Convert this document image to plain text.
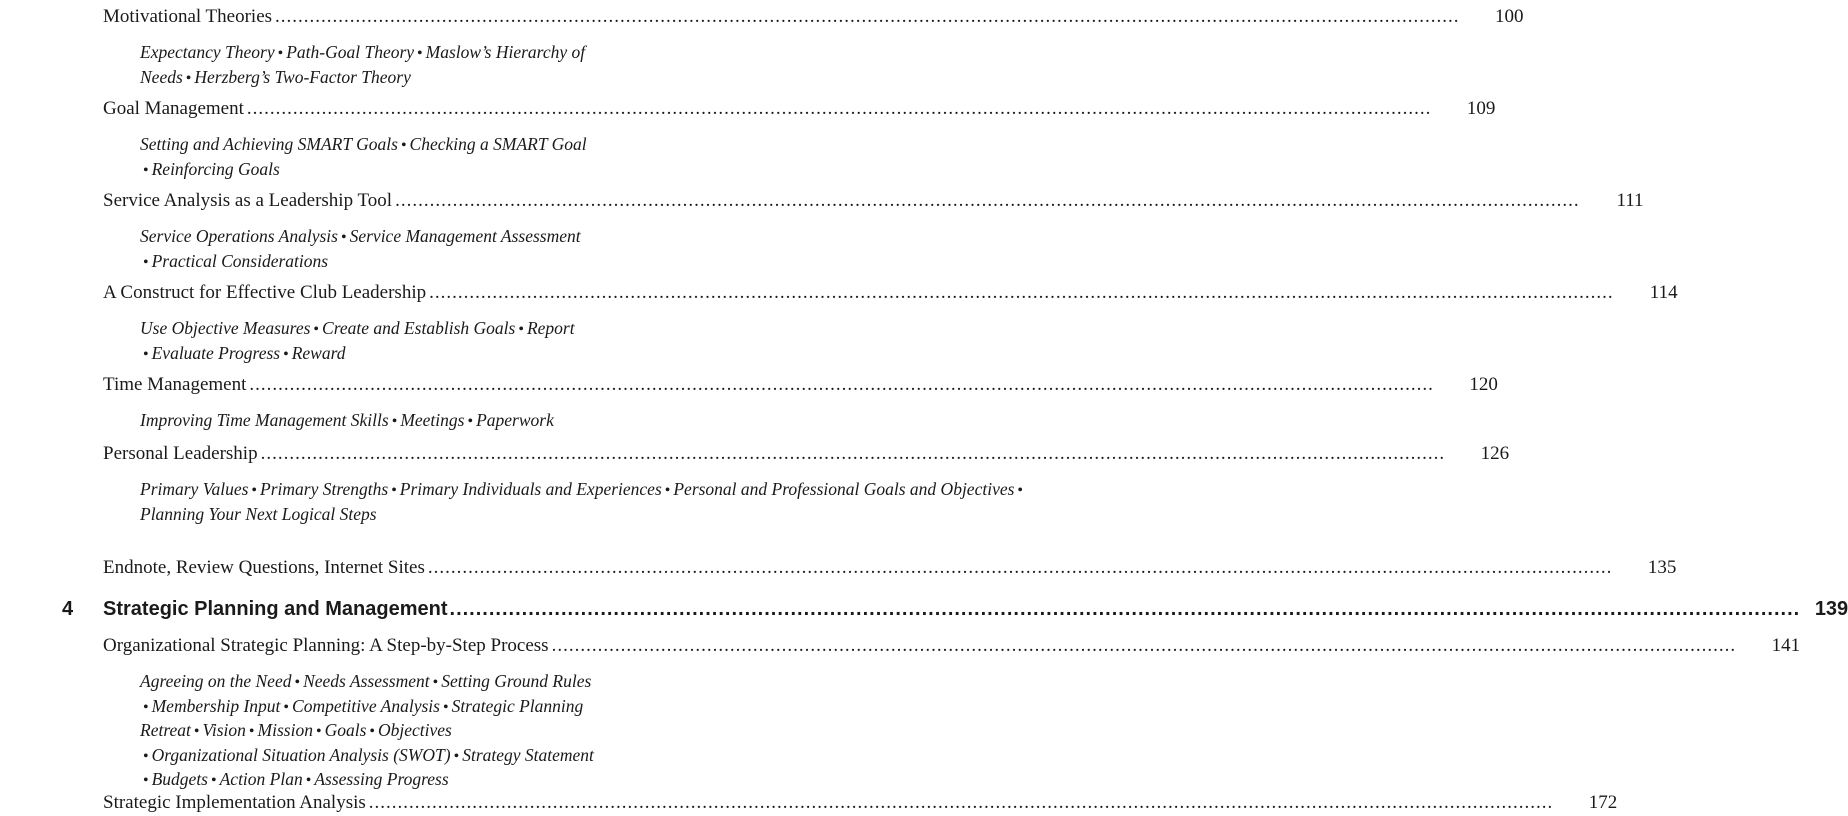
Motivational Theories .....	100
Expectancy Theory • Path-Goal Theory • Maslow’s Hierarchy of Needs • Herzberg’s Two-Factor Theory
Goal Management .....	109
Setting and Achieving SMART Goals • Checking a SMART Goal
• Reinforcing Goals
Service Analysis as a Leadership Tool .....	111
Service Operations Analysis • Service Management Assessment
• Practical Considerations
A Construct for Effective Club Leadership .....	114
Use Objective Measures • Create and Establish Goals • Report
• Evaluate Progress • Reward
Time Management .....	120
Improving Time Management Skills • Meetings • Paperwork
Personal Leadership .....	126
Primary Values • Primary Strengths • Primary Individuals and Experiences • Personal and Professional Goals and Objectives •
Planning Your Next Logical Steps
Endnote, Review Questions, Internet Sites .....	135
4	Strategic Planning and Management .....	139
Organizational Strategic Planning: A Step-by-Step Process .....	141
Agreeing on the Need • Needs Assessment • Setting Ground Rules
• Membership Input • Competitive Analysis • Strategic Planning Retreat • Vision • Mission • Goals • Objectives
• Organizational Situation Analysis (SWOT) • Strategy Statement
• Budgets • Action Plan • Assessing Progress
Strategic Implementation Analysis .....	172
